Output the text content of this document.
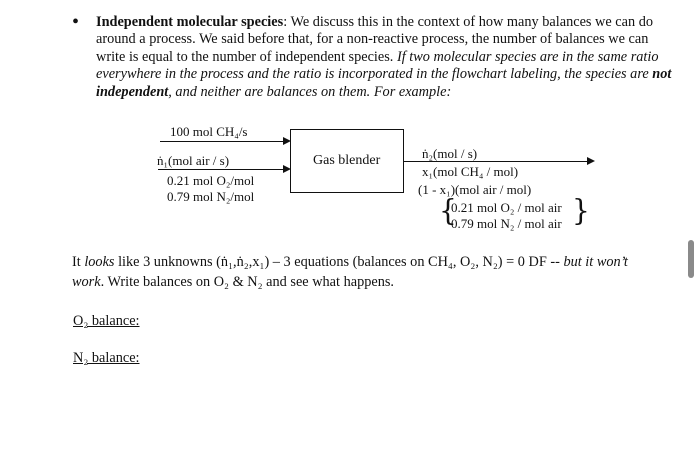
• Independent molecular species: We discuss this in the context of how many balances we can do around a process. We said before that, for a non-reactive process, the number of balances we can write is equal to the number of independent species. If two molecular species are in the same ratio everywhere in the process and the ratio is incorporated in the flowchart labeling, the species are not independent, and neither are balances on them. For example:
100 mol CH₄/s
ṅ₁(mol air / s)
0.21 mol O₂/mol
0.79 mol N₂/mol
Gas blender	ṅ₂(mol / s)
x₁(mol CH₄ / mol)
(1 - x₁)(mol air / mol)
{
0.21 mol O₂ / mol air
0.79 mol N₂ / mol air }
It looks like 3 unknowns (ṅ₁,ṅ₂,x₁) – 3 equations (balances on CH₄, O₂, N₂) = 0 DF -- but it won’t work. Write balances on O₂ & N₂ and see what happens.
O₂ balance:
N₂ balance:
